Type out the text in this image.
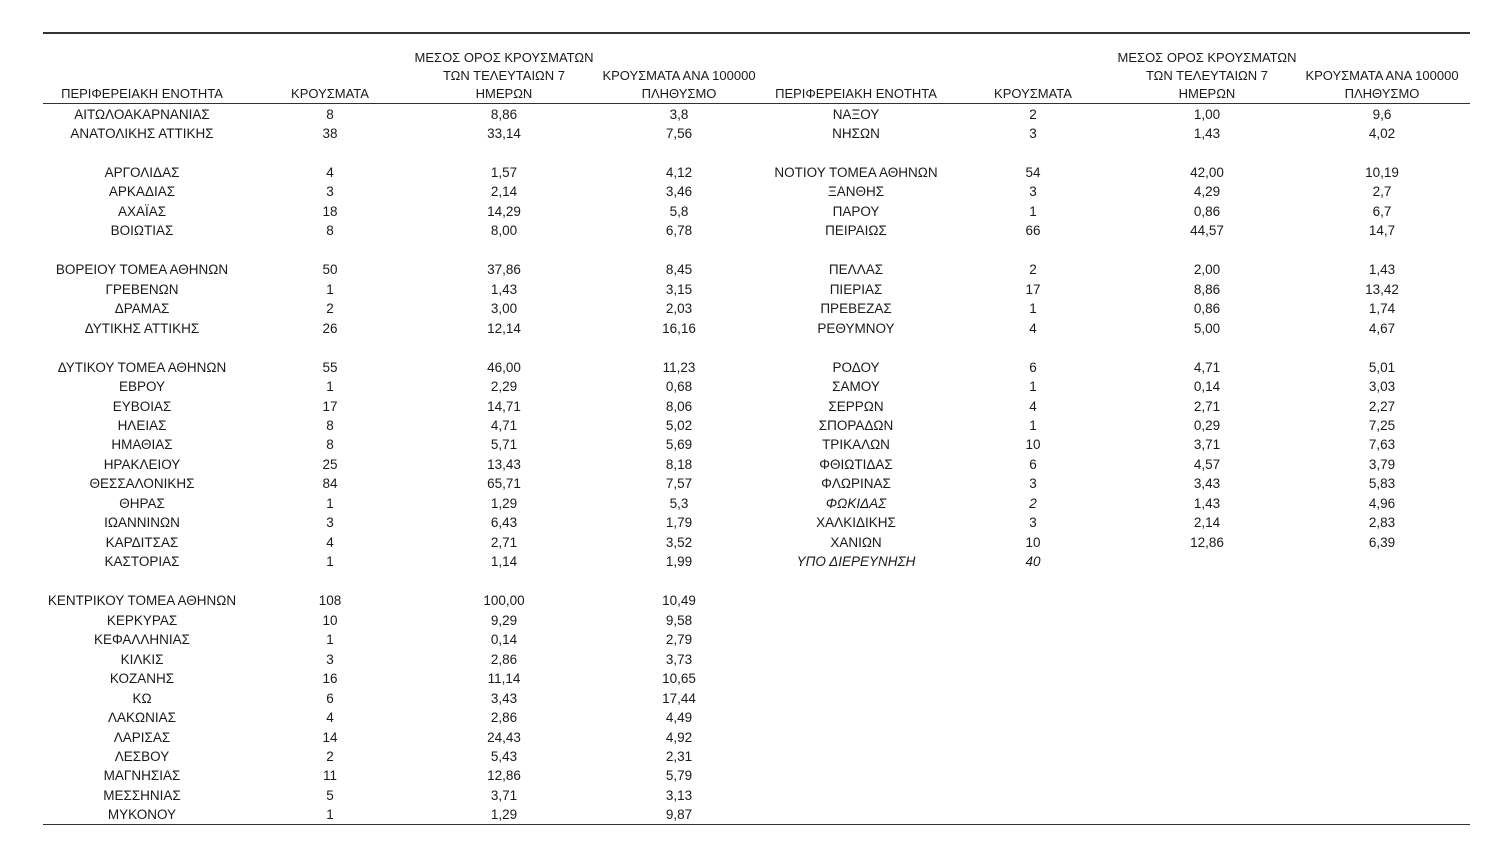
ΠΕΡΙΦΕΡΕΙΑΚΗ ΕΝΟΤΗΤΑ	ΚΡΟΥΣΜΑΤΑ
ΜΕΣΟΣ ΟΡΟΣ ΚΡΟΥΣΜΑΤΩΝ
ΤΩΝ ΤΕΛΕΥΤΑΙΩΝ 7
ΗΜΕΡΩΝ
ΚΡΟΥΣΜΑΤΑ ΑΝΑ 100000
ΠΛΗΘΥΣΜΟ	ΠΕΡΙΦΕΡΕΙΑΚΗ ΕΝΟΤΗΤΑ	ΚΡΟΥΣΜΑΤΑ
ΜΕΣΟΣ ΟΡΟΣ ΚΡΟΥΣΜΑΤΩΝ
ΤΩΝ ΤΕΛΕΥΤΑΙΩΝ 7
ΗΜΕΡΩΝ
ΚΡΟΥΣΜΑΤΑ ΑΝΑ 100000
ΠΛΗΘΥΣΜΟ
ΑΙΤΩΛΟΑΚΑΡΝΑΝΙΑΣ	8	8,86	3,8
ΑΝΑΤΟΛΙΚΗΣ ΑΤΤΙΚΗΣ	38	33,14	7,56
ΑΡΓΟΛΙΔΑΣ	4	1,57	4,12
ΑΡΚΑΔΙΑΣ	3	2,14	3,46
ΑΧΑΪΑΣ	18	14,29	5,8
ΒΟΙΩΤΙΑΣ	8	8,00	6,78
ΒΟΡΕΙΟΥ ΤΟΜΕΑ ΑΘΗΝΩΝ	50	37,86	8,45
ΓΡΕΒΕΝΩΝ	1	1,43	3,15
ΔΡΑΜΑΣ	2	3,00	2,03
ΔΥΤΙΚΗΣ ΑΤΤΙΚΗΣ	26	12,14	16,16
ΔΥΤΙΚΟΥ ΤΟΜΕΑ ΑΘΗΝΩΝ	55	46,00	11,23
ΕΒΡΟΥ	1	2,29	0,68
ΕΥΒΟΙΑΣ	17	14,71	8,06
ΗΛΕΙΑΣ	8	4,71	5,02
ΗΜΑΘΙΑΣ	8	5,71	5,69
ΗΡΑΚΛΕΙΟΥ	25	13,43	8,18
ΘΕΣΣΑΛΟΝΙΚΗΣ	84	65,71	7,57
ΘΗΡΑΣ	1	1,29	5,3
ΙΩΑΝΝΙΝΩΝ	3	6,43	1,79
ΚΑΡΔΙΤΣΑΣ	4	2,71	3,52
ΚΑΣΤΟΡΙΑΣ	1	1,14	1,99
ΚΕΝΤΡΙΚΟΥ ΤΟΜΕΑ ΑΘΗΝΩΝ	108	100,00	10,49
ΚΕΡΚΥΡΑΣ	10	9,29	9,58
ΚΕΦΑΛΛΗΝΙΑΣ	1	0,14	2,79
ΚΙΛΚΙΣ	3	2,86	3,73
ΚΟΖΑΝΗΣ	16	11,14	10,65
ΚΩ	6	3,43	17,44
ΛΑΚΩΝΙΑΣ	4	2,86	4,49
ΛΑΡΙΣΑΣ	14	24,43	4,92
ΛΕΣΒΟΥ	2	5,43	2,31
ΜΑΓΝΗΣΙΑΣ	11	12,86	5,79
ΜΕΣΣΗΝΙΑΣ	5	3,71	3,13
ΜΥΚΟΝΟΥ	1	1,29	9,87
ΝΑΞΟΥ	2	1,00	9,6
ΝΗΣΩΝ	3	1,43	4,02
ΝΟΤΙΟΥ ΤΟΜΕΑ ΑΘΗΝΩΝ	54	42,00	10,19
ΞΑΝΘΗΣ	3	4,29	2,7
ΠΑΡΟΥ	1	0,86	6,7
ΠΕΙΡΑΙΩΣ	66	44,57	14,7
ΠΕΛΛΑΣ	2	2,00	1,43
ΠΙΕΡΙΑΣ	17	8,86	13,42
ΠΡΕΒΕΖΑΣ	1	0,86	1,74
ΡΕΘΥΜΝΟΥ	4	5,00	4,67
ΡΟΔΟΥ	6	4,71	5,01
ΣΑΜΟΥ	1	0,14	3,03
ΣΕΡΡΩΝ	4	2,71	2,27
ΣΠΟΡΑΔΩΝ	1	0,29	7,25
ΤΡΙΚΑΛΩΝ	10	3,71	7,63
ΦΘΙΩΤΙΔΑΣ	6	4,57	3,79
ΦΛΩΡΙΝΑΣ	3	3,43	5,83
ΦΩΚΙΔΑΣ	2	1,43	4,96
ΧΑΛΚΙΔΙΚΗΣ	3	2,14	2,83
ΧΑΝΙΩΝ	10	12,86	6,39
ΥΠΟ ΔΙΕΡΕΥΝΗΣΗ	40
